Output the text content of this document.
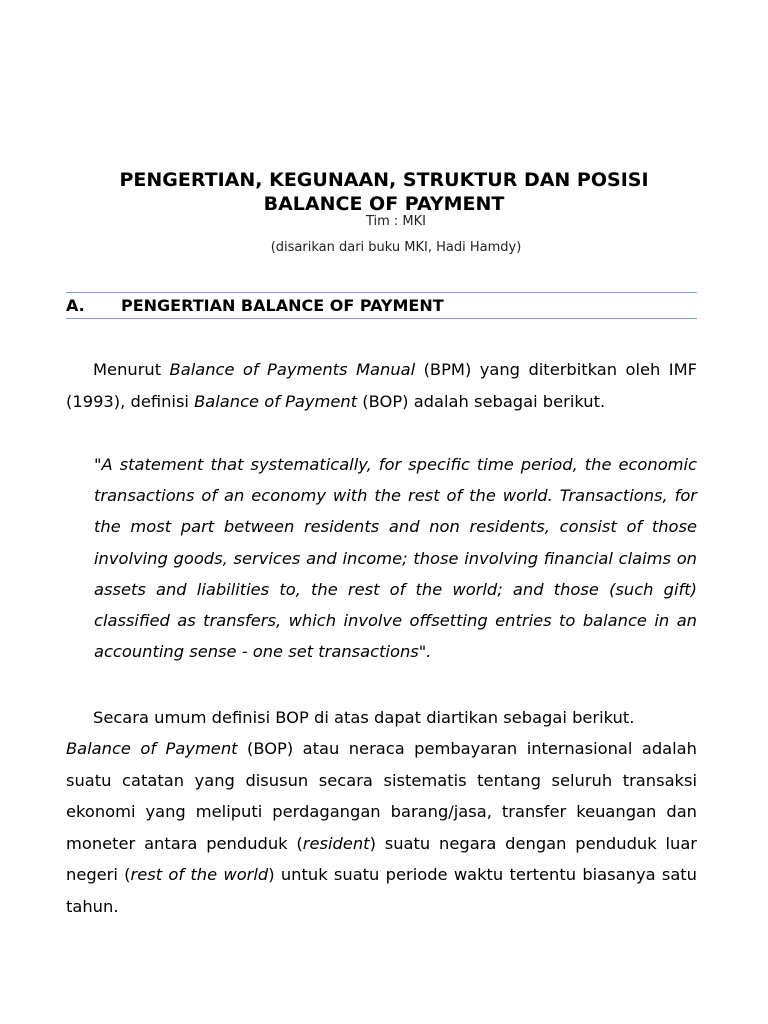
PENGERTIAN, KEGUNAAN, STRUKTUR DAN POSISI
BALANCE OF PAYMENT
Tim : MKI
(disarikan dari buku MKI, Hadi Hamdy)
A. PENGERTIAN BALANCE OF PAYMENT

Menurut Balance of Payments Manual (BPM) yang diterbitkan oleh IMF (1993), definisi Balance of Payment (BOP) adalah sebagai berikut.

"A statement that systematically, for specific time period, the economic transactions of an economy with the rest of the world. Transactions, for the most part between residents and non residents, consist of those involving goods, services and income; those involving financial claims on assets and liabilities to, the rest of the world; and those (such gift) classified as transfers, which involve offsetting entries to balance in an accounting sense - one set transactions".

Secara umum definisi BOP di atas dapat diartikan sebagai berikut.

Balance of Payment (BOP) atau neraca pembayaran internasional adalah suatu catatan yang disusun secara sistematis tentang seluruh transaksi ekonomi yang meliputi perdagangan barang/jasa, transfer keuangan dan moneter antara penduduk (resident) suatu negara dengan penduduk luar negeri (rest of the world) untuk suatu periode waktu tertentu biasanya satu tahun.
